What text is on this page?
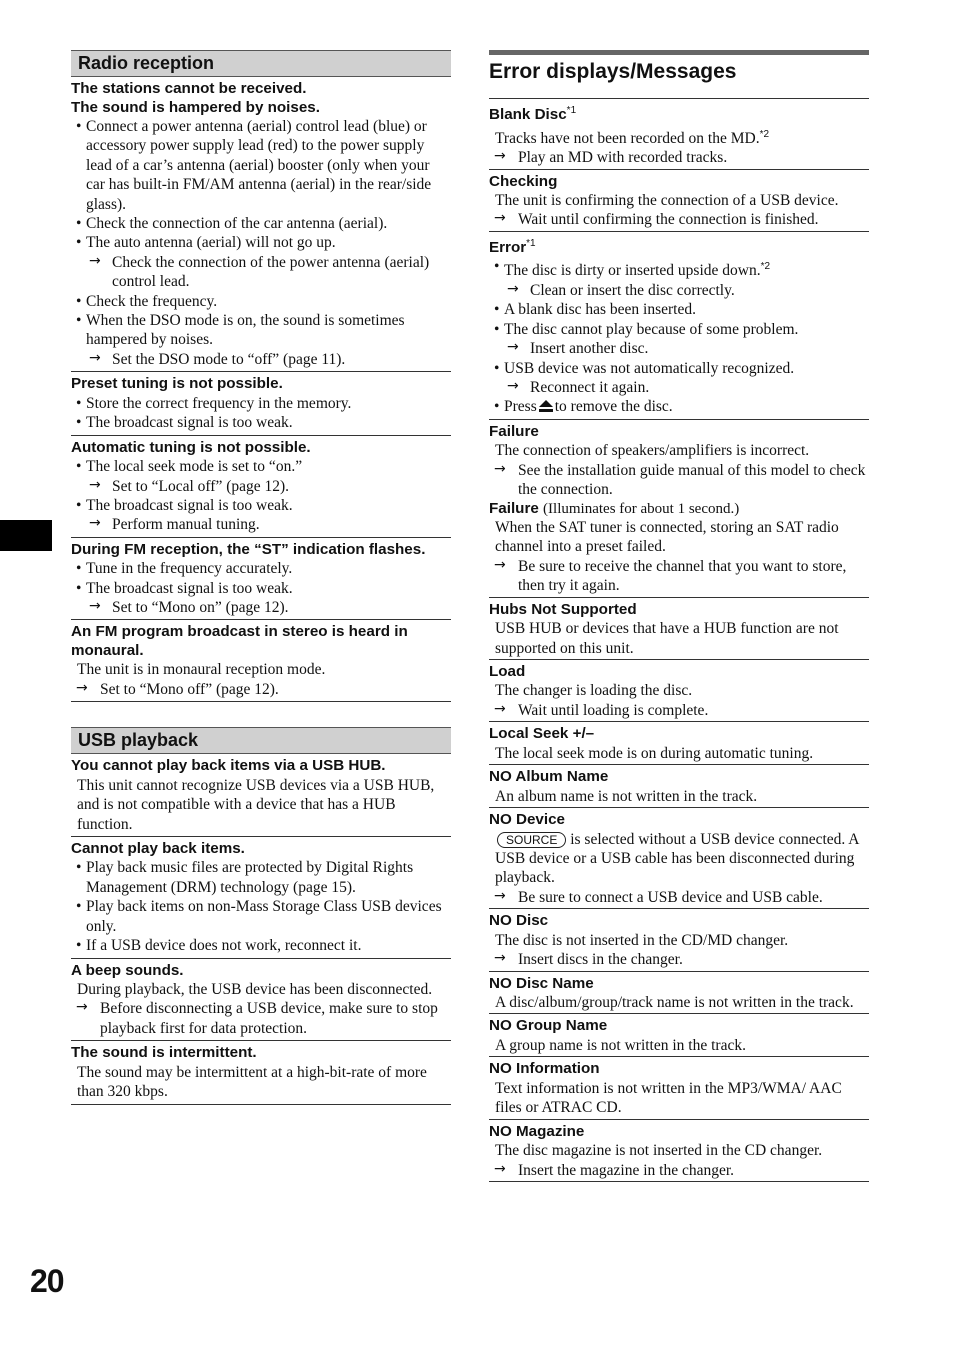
Radio reception
The stations cannot be received.
The sound is hampered by noises.
• Connect a power antenna (aerial) control lead (blue) or accessory power supply lead (red) to the power supply lead of a car’s antenna (aerial) booster (only when your car has built-in FM/AM antenna (aerial) in the rear/side glass).
• Check the connection of the car antenna (aerial).
• The auto antenna (aerial) will not go up.
→ Check the connection of the power antenna (aerial) control lead.
• Check the frequency.
• When the DSO mode is on, the sound is sometimes hampered by noises.
→ Set the DSO mode to “off” (page 11).
Preset tuning is not possible.
• Store the correct frequency in the memory.
• The broadcast signal is too weak.
Automatic tuning is not possible.
• The local seek mode is set to “on.”
→ Set to “Local off” (page 12).
• The broadcast signal is too weak.
→ Perform manual tuning.
During FM reception, the “ST” indication flashes.
• Tune in the frequency accurately.
• The broadcast signal is too weak.
→ Set to “Mono on” (page 12).
An FM program broadcast in stereo is heard in monaural.
The unit is in monaural reception mode.
→ Set to “Mono off” (page 12).
USB playback
You cannot play back items via a USB HUB.
This unit cannot recognize USB devices via a USB HUB, and is not compatible with a device that has a HUB function.
Cannot play back items.
• Play back music files are protected by Digital Rights Management (DRM) technology (page 15).
• Play back items on non-Mass Storage Class USB devices only.
• If a USB device does not work, reconnect it.
A beep sounds.
During playback, the USB device has been disconnected.
→ Before disconnecting a USB device, make sure to stop playback first for data protection.
The sound is intermittent.
The sound may be intermittent at a high-bit-rate of more than 320 kbps.
Error displays/Messages
Blank Disc$^{*1}$
Tracks have not been recorded on the MD.$^{*2}$
→ Play an MD with recorded tracks.
Checking
The unit is confirming the connection of a USB device.
→ Wait until confirming the connection is finished.
Error$^{*1}$
• The disc is dirty or inserted upside down.$^{*2}$
→ Clean or insert the disc correctly.
• A blank disc has been inserted.
• The disc cannot play because of some problem.
→ Insert another disc.
• USB device was not automatically recognized.
→ Reconnect it again.
• Press to remove the disc.
Failure
The connection of speakers/amplifiers is incorrect.
→ See the installation guide manual of this model to check the connection.
Failure (Illuminates for about 1 second.)
When the SAT tuner is connected, storing an SAT radio channel into a preset failed.
→ Be sure to receive the channel that you want to store, then try it again.
Hubs Not Supported
USB HUB or devices that have a HUB function are not supported on this unit.
Load
The changer is loading the disc.
→ Wait until loading is complete.
Local Seek +/–
The local seek mode is on during automatic tuning.
NO Album Name
An album name is not written in the track.
NO Device
SOURCE is selected without a USB device connected. A USB device or a USB cable has been disconnected during playback.
→ Be sure to connect a USB device and USB cable.
NO Disc
The disc is not inserted in the CD/MD changer.
→ Insert discs in the changer.
NO Disc Name
A disc/album/group/track name is not written in the track.
NO Group Name
A group name is not written in the track.
NO Information
Text information is not written in the MP3/WMA/ AAC files or ATRAC CD.
NO Magazine
The disc magazine is not inserted in the CD changer.
→ Insert the magazine in the changer.
20
